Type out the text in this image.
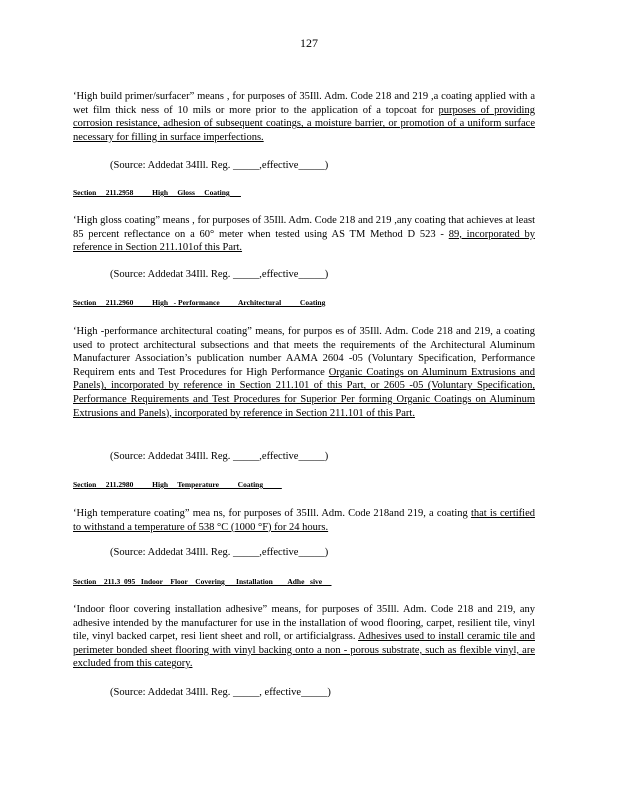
127
‘High build primer/surfacer” means , for purposes of 35Ill. Adm. Code 218 and 219 ,a coating applied with a wet film thick ness of 10 mils or more prior to the application of a topcoat for purposes of providing corrosion resistance, adhesion of subsequent coatings, a moisture barrier, or promotion of a uniform surface necessary for filling in surface imperfections.
(Source: Addedat 34Ill. Reg. _____,effective_____)
Section     211.2958          High     Gloss     Coating
‘High gloss coating” means , for purposes of 35Ill. Adm. Code 218 and 219 ,any coating that achieves at least 85 percent reflectance on a 60° meter when tested using AS TM Method D 523 - 89, incorporated by reference in Section 211.101of this Part.
(Source: Addedat 34Ill. Reg. _____,effective_____)
Section     211.2960          High   - Performance          Architectural          Coating
‘High -performance architectural coating” means, for purpos es of 35Ill. Adm. Code 218 and 219, a coating used to protect architectural subsections and that meets the requirements of the Architectural Aluminum Manufacturer Association’s publication number AAMA 2604 -05 (Voluntary Specification, Performance Requirem ents and Test Procedures for High Performance Organic Coatings on Aluminum Extrusions and Panels), incorporated by reference in Section 211.101 of this Part, or 2605 -05 (Voluntary Specification, Performance Requirements and Test Procedures for Superior Per forming Organic Coatings on Aluminum Extrusions and Panels), incorporated by reference in Section 211.101 of this Part.
(Source: Addedat 34Ill. Reg. _____,effective_____)
Section     211.2980          High     Temperature          Coating
‘High temperature coating” mea ns, for purposes of 35Ill. Adm. Code 218and 219, a coating that is certified to withstand a temperature of 538 °C (1000 °F) for 24 hours.
(Source: Addedat 34Ill. Reg. _____,effective_____)
Section    211.3  095   Indoor    Floor    Covering      Installation        Adhe   sive
‘Indoor floor covering installation adhesive” means, for purposes of 35Ill. Adm. Code 218 and 219, any adhesive intended by the manufacturer for use in the installation of wood flooring, carpet, resilient tile, vinyl tile, vinyl backed carpet, resi lient sheet and roll, or artificialgrass. Adhesives used to install ceramic tile and perimeter bonded sheet flooring with vinyl backing onto a non - porous substrate, such as flexible vinyl, are excluded from this category.
(Source: Addedat 34Ill. Reg. _____, effective_____)
